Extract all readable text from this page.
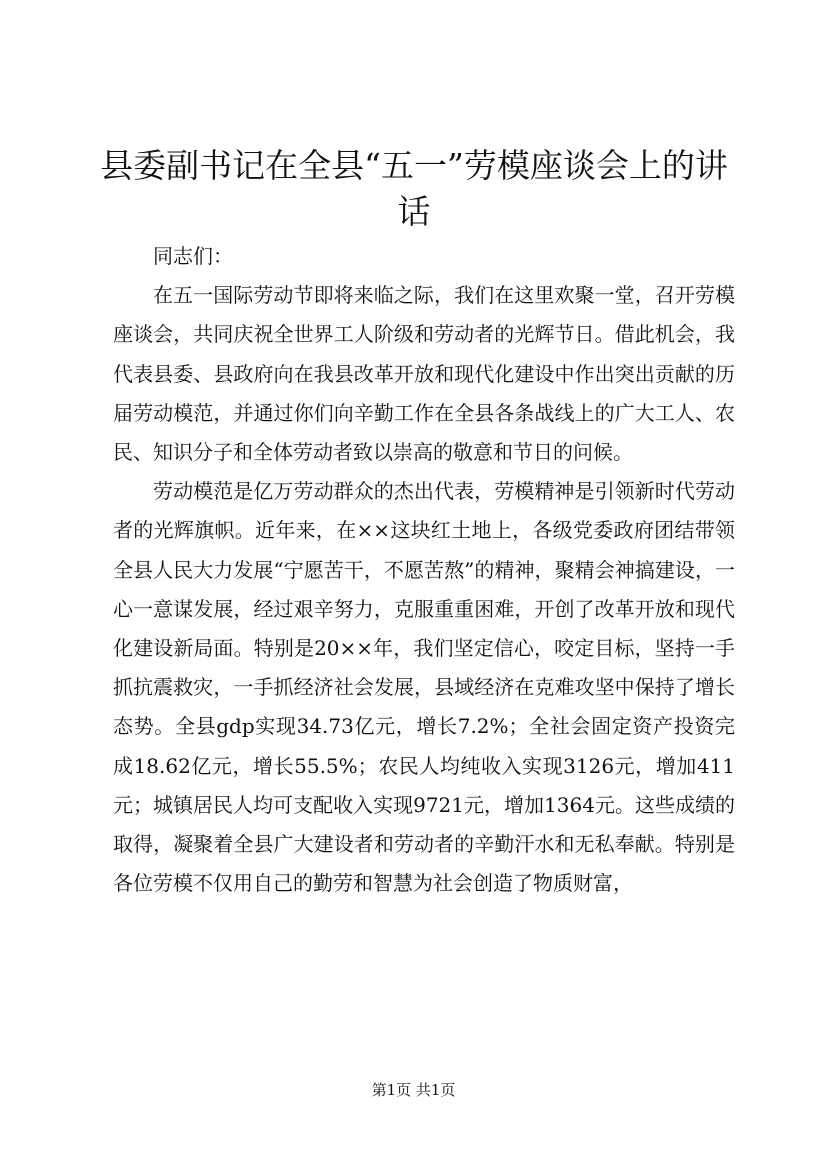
县委副书记在全县“五一”劳模座谈会上的讲话

同志们：

在五一国际劳动节即将来临之际，我们在这里欢聚一堂，召开劳模座谈会，共同庆祝全世界工人阶级和劳动者的光辉节日。借此机会，我代表县委、县政府向在我县改革开放和现代化建设中作出突出贡献的历届劳动模范，并通过你们向辛勤工作在全县各条战线上的广大工人、农民、知识分子和全体劳动者致以崇高的敬意和节日的问候。

劳动模范是亿万劳动群众的杰出代表，劳模精神是引领新时代劳动者的光辉旗帜。近年来，在××这块红土地上，各级党委政府团结带领全县人民大力发展“宁愿苦干，不愿苦熬”的精神，聚精会神搞建设，一心一意谋发展，经过艰辛努力，克服重重困难，开创了改革开放和现代化建设新局面。特别是20××年，我们坚定信心，咬定目标，坚持一手抓抗震救灾，一手抓经济社会发展，县域经济在克难攻坚中保持了增长态势。全县gdp实现34.73亿元，增长7.2%；全社会固定资产投资完成18.62亿元，增长55.5%；农民人均纯收入实现3126元，增加411元；城镇居民人均可支配收入实现9721元，增加1364元。这些成绩的取得，凝聚着全县广大建设者和劳动者的辛勤汗水和无私奉献。特别是各位劳模不仅用自己的勤劳和智慧为社会创造了物质财富，

第1页 共1页
